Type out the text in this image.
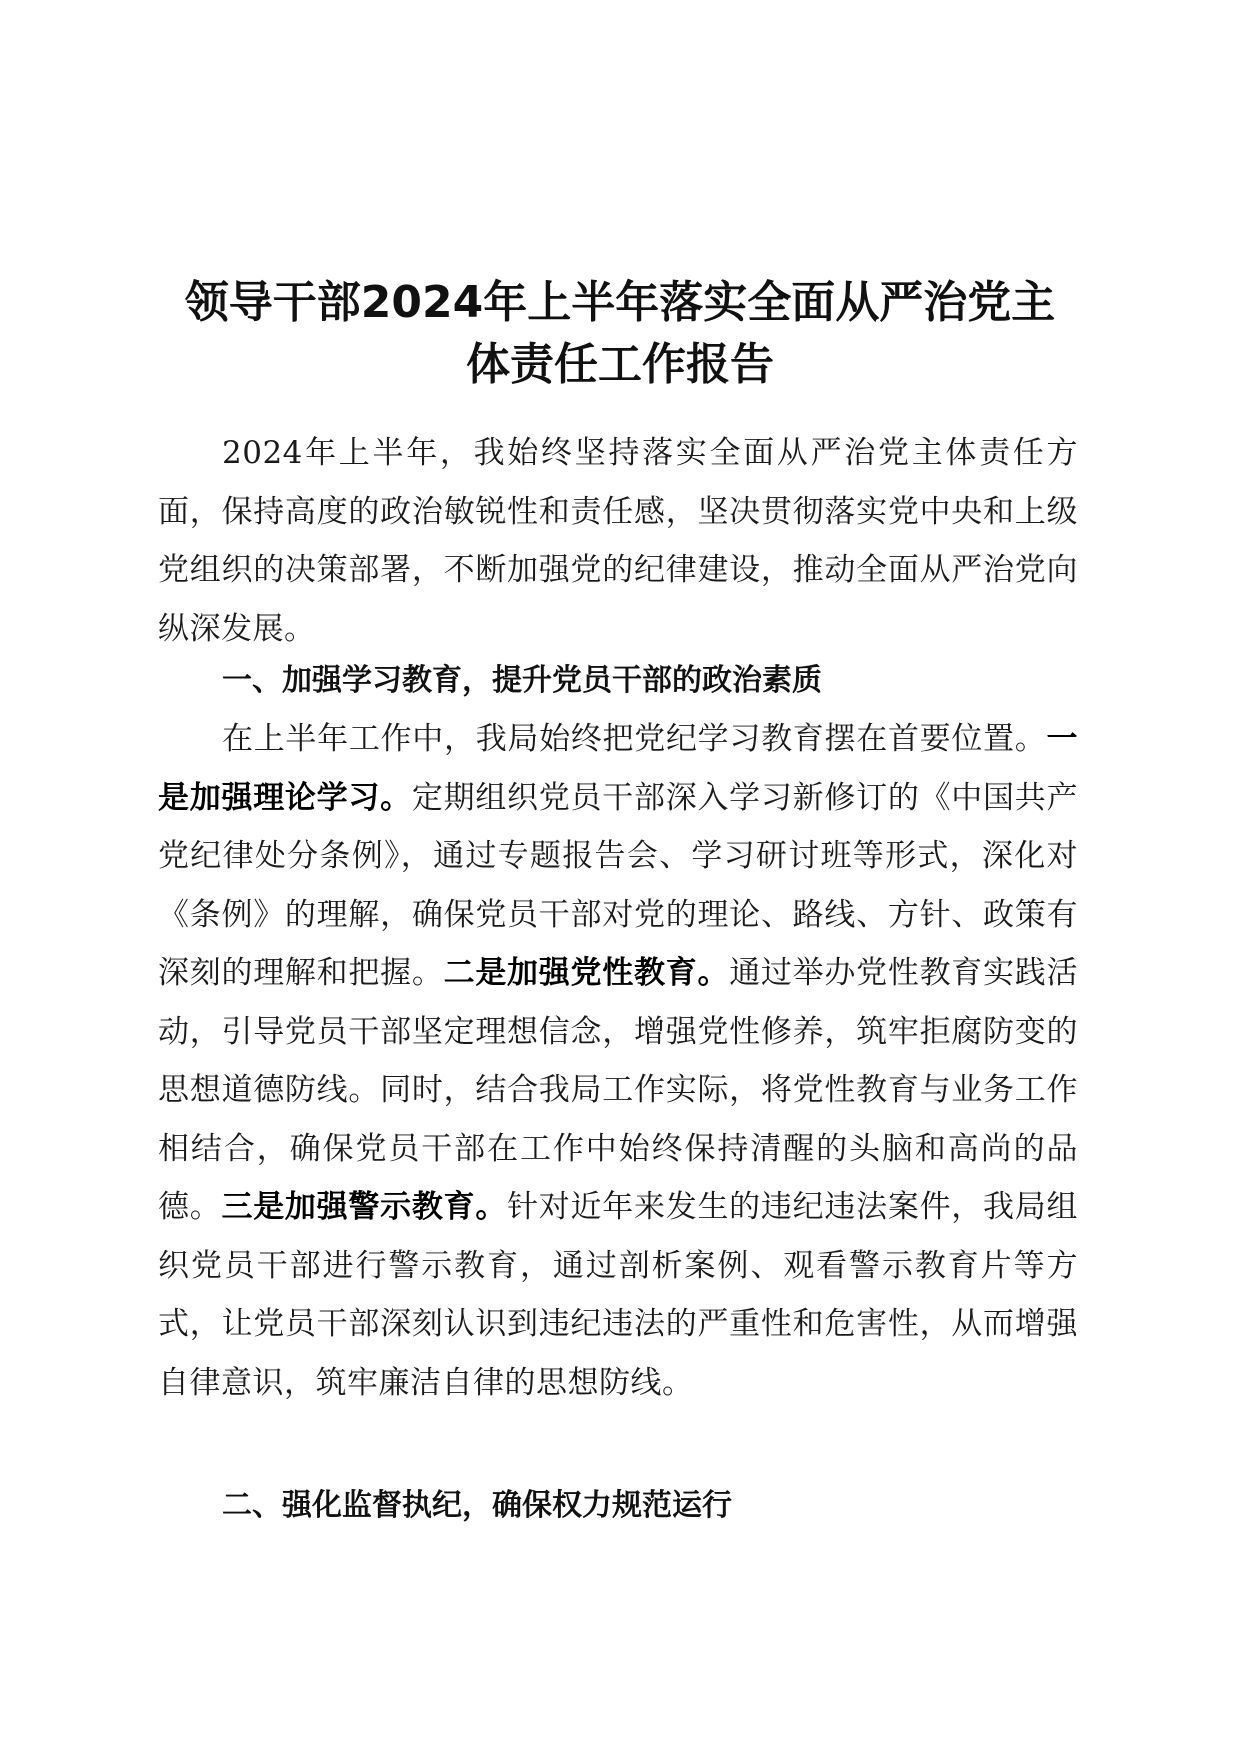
领导干部2024年上半年落实全面从严治党主
体责任工作报告

2024年上半年，我始终坚持落实全面从严治党主体责任方面，保持高度的政治敏锐性和责任感，坚决贯彻落实党中央和上级党组织的决策部署，不断加强党的纪律建设，推动全面从严治党向纵深发展。

一、加强学习教育，提升党员干部的政治素质

在上半年工作中，我局始终把党纪学习教育摆在首要位置。一是加强理论学习。定期组织党员干部深入学习新修订的《中国共产党纪律处分条例》，通过专题报告会、学习研讨班等形式，深化对《条例》的理解，确保党员干部对党的理论、路线、方针、政策有深刻的理解和把握。二是加强党性教育。通过举办党性教育实践活动，引导党员干部坚定理想信念，增强党性修养，筑牢拒腐防变的思想道德防线。同时，结合我局工作实际，将党性教育与业务工作相结合，确保党员干部在工作中始终保持清醒的头脑和高尚的品德。三是加强警示教育。针对近年来发生的违纪违法案件，我局组织党员干部进行警示教育，通过剖析案例、观看警示教育片等方式，让党员干部深刻认识到违纪违法的严重性和危害性，从而增强自律意识，筑牢廉洁自律的思想防线。

二、强化监督执纪，确保权力规范运行
